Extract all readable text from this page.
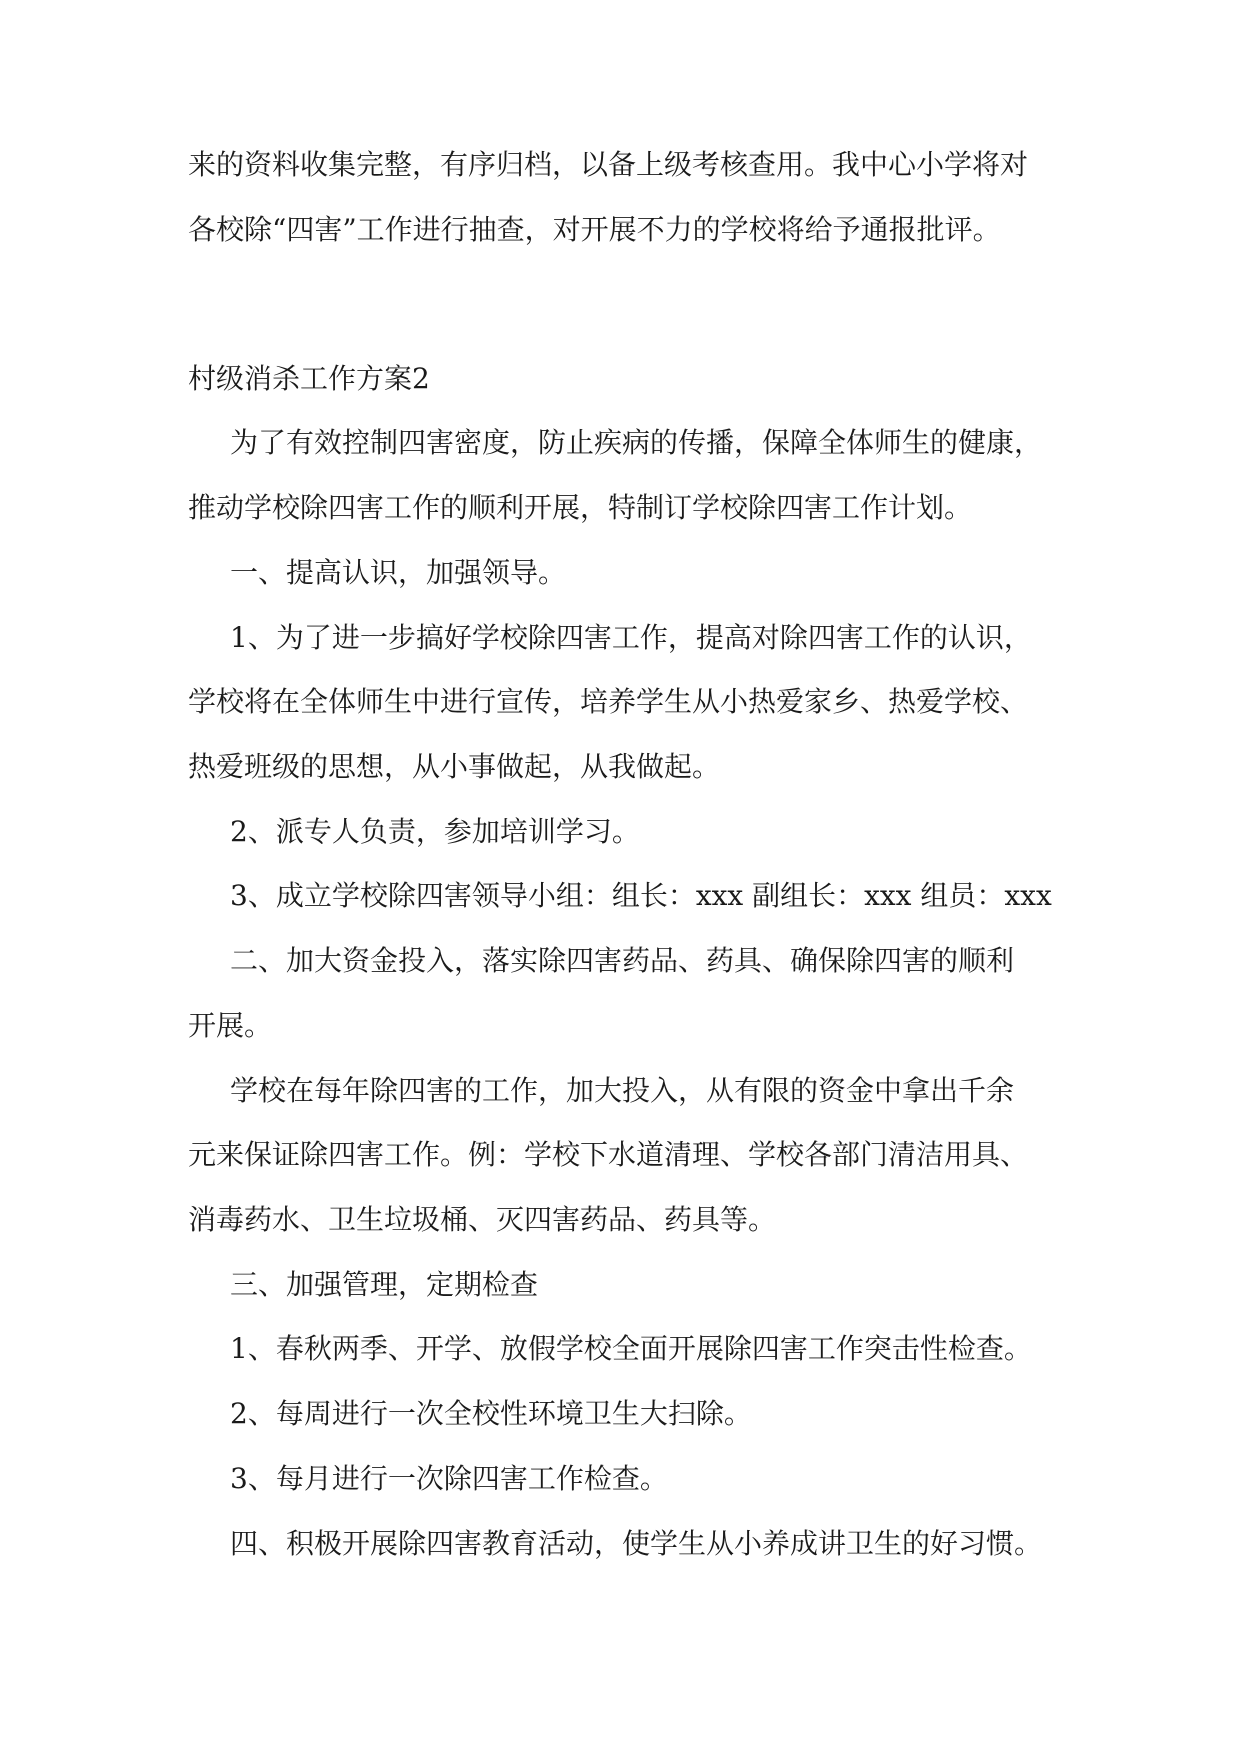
来的资料收集完整，有序归档，以备上级考核查用。我中心小学将对
各校除“四害”工作进行抽查，对开展不力的学校将给予通报批评。
村级消杀工作方案2
为了有效控制四害密度，防止疾病的传播，保障全体师生的健康，
推动学校除四害工作的顺利开展，特制订学校除四害工作计划。
一、提高认识，加强领导。
1、为了进一步搞好学校除四害工作，提高对除四害工作的认识，
学校将在全体师生中进行宣传，培养学生从小热爱家乡、热爱学校、
热爱班级的思想，从小事做起，从我做起。
2、派专人负责，参加培训学习。
3、成立学校除四害领导小组：组长：xxx 副组长：xxx 组员：xxx
二、加大资金投入，落实除四害药品、药具、确保除四害的顺利
开展。
学校在每年除四害的工作，加大投入，从有限的资金中拿出千余
元来保证除四害工作。例：学校下水道清理、学校各部门清洁用具、
消毒药水、卫生垃圾桶、灭四害药品、药具等。
三、加强管理，定期检查
1、春秋两季、开学、放假学校全面开展除四害工作突击性检查。
2、每周进行一次全校性环境卫生大扫除。
3、每月进行一次除四害工作检查。
四、积极开展除四害教育活动，使学生从小养成讲卫生的好习惯。
